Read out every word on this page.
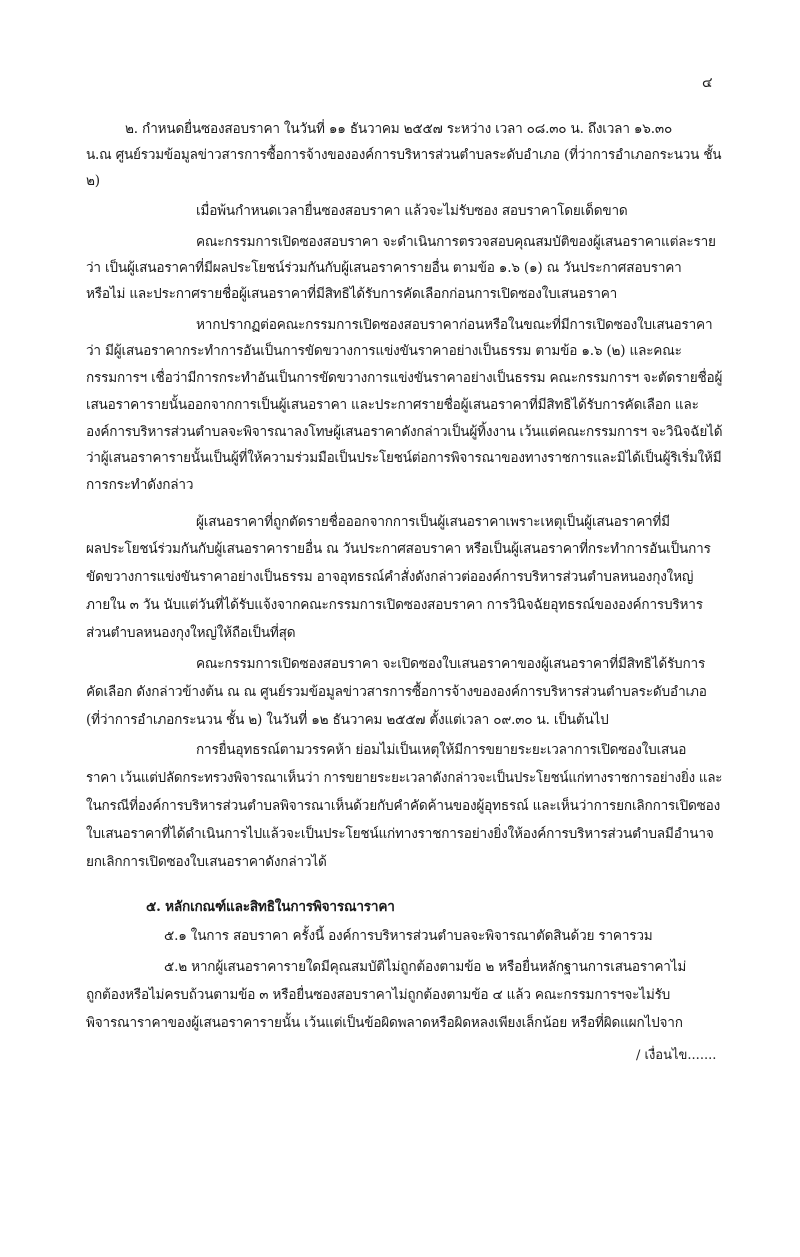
๔
๒. กำหนดยื่นซองสอบราคา ในวันที่ ๑๑ ธันวาคม ๒๕๕๗ ระหว่าง เวลา ๐๘.๓๐ น. ถึงเวลา ๑๖.๓๐
น.ณ ศูนย์รวมข้อมูลข่าวสารการซื้อการจ้างขององค์การบริหารส่วนตำบลระดับอำเภอ (ที่ว่าการอำเภอกระนวน ชั้น
๒)
เมื่อพ้นกำหนดเวลายื่นซองสอบราคา แล้วจะไม่รับซอง สอบราคาโดยเด็ดขาด
คณะกรรมการเปิดซองสอบราคา จะดำเนินการตรวจสอบคุณสมบัติของผู้เสนอราคาแต่ละราย
ว่า เป็นผู้เสนอราคาที่มีผลประโยชน์ร่วมกันกับผู้เสนอราคารายอื่น ตามข้อ ๑.๖ (๑) ณ วันประกาศสอบราคา
หรือไม่ และประกาศรายชื่อผู้เสนอราคาที่มีสิทธิได้รับการคัดเลือกก่อนการเปิดซองใบเสนอราคา
หากปรากฏต่อคณะกรรมการเปิดซองสอบราคาก่อนหรือในขณะที่มีการเปิดซองใบเสนอราคา
ว่า มีผู้เสนอราคากระทำการอันเป็นการขัดขวางการแข่งขันราคาอย่างเป็นธรรม ตามข้อ ๑.๖ (๒) และคณะ
กรรมการฯ เชื่อว่ามีการกระทำอันเป็นการขัดขวางการแข่งขันราคาอย่างเป็นธรรม คณะกรรมการฯ จะตัดรายชื่อผู้
เสนอราคารายนั้นออกจากการเป็นผู้เสนอราคา และประกาศรายชื่อผู้เสนอราคาที่มีสิทธิได้รับการคัดเลือก และ
องค์การบริหารส่วนตำบลจะพิจารณาลงโทษผู้เสนอราคาดังกล่าวเป็นผู้ทิ้งงาน เว้นแต่คณะกรรมการฯ จะวินิจฉัยได้
ว่าผู้เสนอราคารายนั้นเป็นผู้ที่ให้ความร่วมมือเป็นประโยชน์ต่อการพิจารณาของทางราชการและมิได้เป็นผู้ริเริ่มให้มี
การกระทำดังกล่าว
ผู้เสนอราคาที่ถูกตัดรายชื่อออกจากการเป็นผู้เสนอราคาเพราะเหตุเป็นผู้เสนอราคาที่มี
ผลประโยชน์ร่วมกันกับผู้เสนอราคารายอื่น ณ วันประกาศสอบราคา หรือเป็นผู้เสนอราคาที่กระทำการอันเป็นการ
ขัดขวางการแข่งขันราคาอย่างเป็นธรรม อาจอุทธรณ์คำสั่งดังกล่าวต่อองค์การบริหารส่วนตำบลหนองกุงใหญ่
ภายใน ๓ วัน นับแต่วันที่ได้รับแจ้งจากคณะกรรมการเปิดซองสอบราคา การวินิจฉัยอุทธรณ์ขององค์การบริหาร
ส่วนตำบลหนองกุงใหญ่ให้ถือเป็นที่สุด
คณะกรรมการเปิดซองสอบราคา จะเปิดซองใบเสนอราคาของผู้เสนอราคาที่มีสิทธิได้รับการ
คัดเลือก ดังกล่าวข้างต้น ณ ณ ศูนย์รวมข้อมูลข่าวสารการซื้อการจ้างขององค์การบริหารส่วนตำบลระดับอำเภอ
(ที่ว่าการอำเภอกระนวน ชั้น ๒) ในวันที่ ๑๒ ธันวาคม ๒๕๕๗ ตั้งแต่เวลา ๐๙.๓๐ น. เป็นต้นไป
การยื่นอุทธรณ์ตามวรรคห้า ย่อมไม่เป็นเหตุให้มีการขยายระยะเวลาการเปิดซองใบเสนอ
ราคา เว้นแต่ปลัดกระทรวงพิจารณาเห็นว่า การขยายระยะเวลาดังกล่าวจะเป็นประโยชน์แก่ทางราชการอย่างยิ่ง และ
ในกรณีที่องค์การบริหารส่วนตำบลพิจารณาเห็นด้วยกับคำคัดค้านของผู้อุทธรณ์ และเห็นว่าการยกเลิกการเปิดซอง
ใบเสนอราคาที่ได้ดำเนินการไปแล้วจะเป็นประโยชน์แก่ทางราชการอย่างยิ่งให้องค์การบริหารส่วนตำบลมีอำนาจ
ยกเลิกการเปิดซองใบเสนอราคาดังกล่าวได้
๕. หลักเกณฑ์และสิทธิในการพิจารณาราคา
๕.๑ ในการ สอบราคา ครั้งนี้ องค์การบริหารส่วนตำบลจะพิจารณาตัดสินด้วย ราคารวม
๕.๒ หากผู้เสนอราคารายใดมีคุณสมบัติไม่ถูกต้องตามข้อ ๒ หรือยื่นหลักฐานการเสนอราคาไม่
ถูกต้องหรือไม่ครบถ้วนตามข้อ ๓ หรือยื่นซองสอบราคาไม่ถูกต้องตามข้อ ๔ แล้ว คณะกรรมการฯจะไม่รับ
พิจารณาราคาของผู้เสนอราคารายนั้น เว้นแต่เป็นข้อผิดพลาดหรือผิดหลงเพียงเล็กน้อย หรือที่ผิดแผกไปจาก
/ เงื่อนไข.......
